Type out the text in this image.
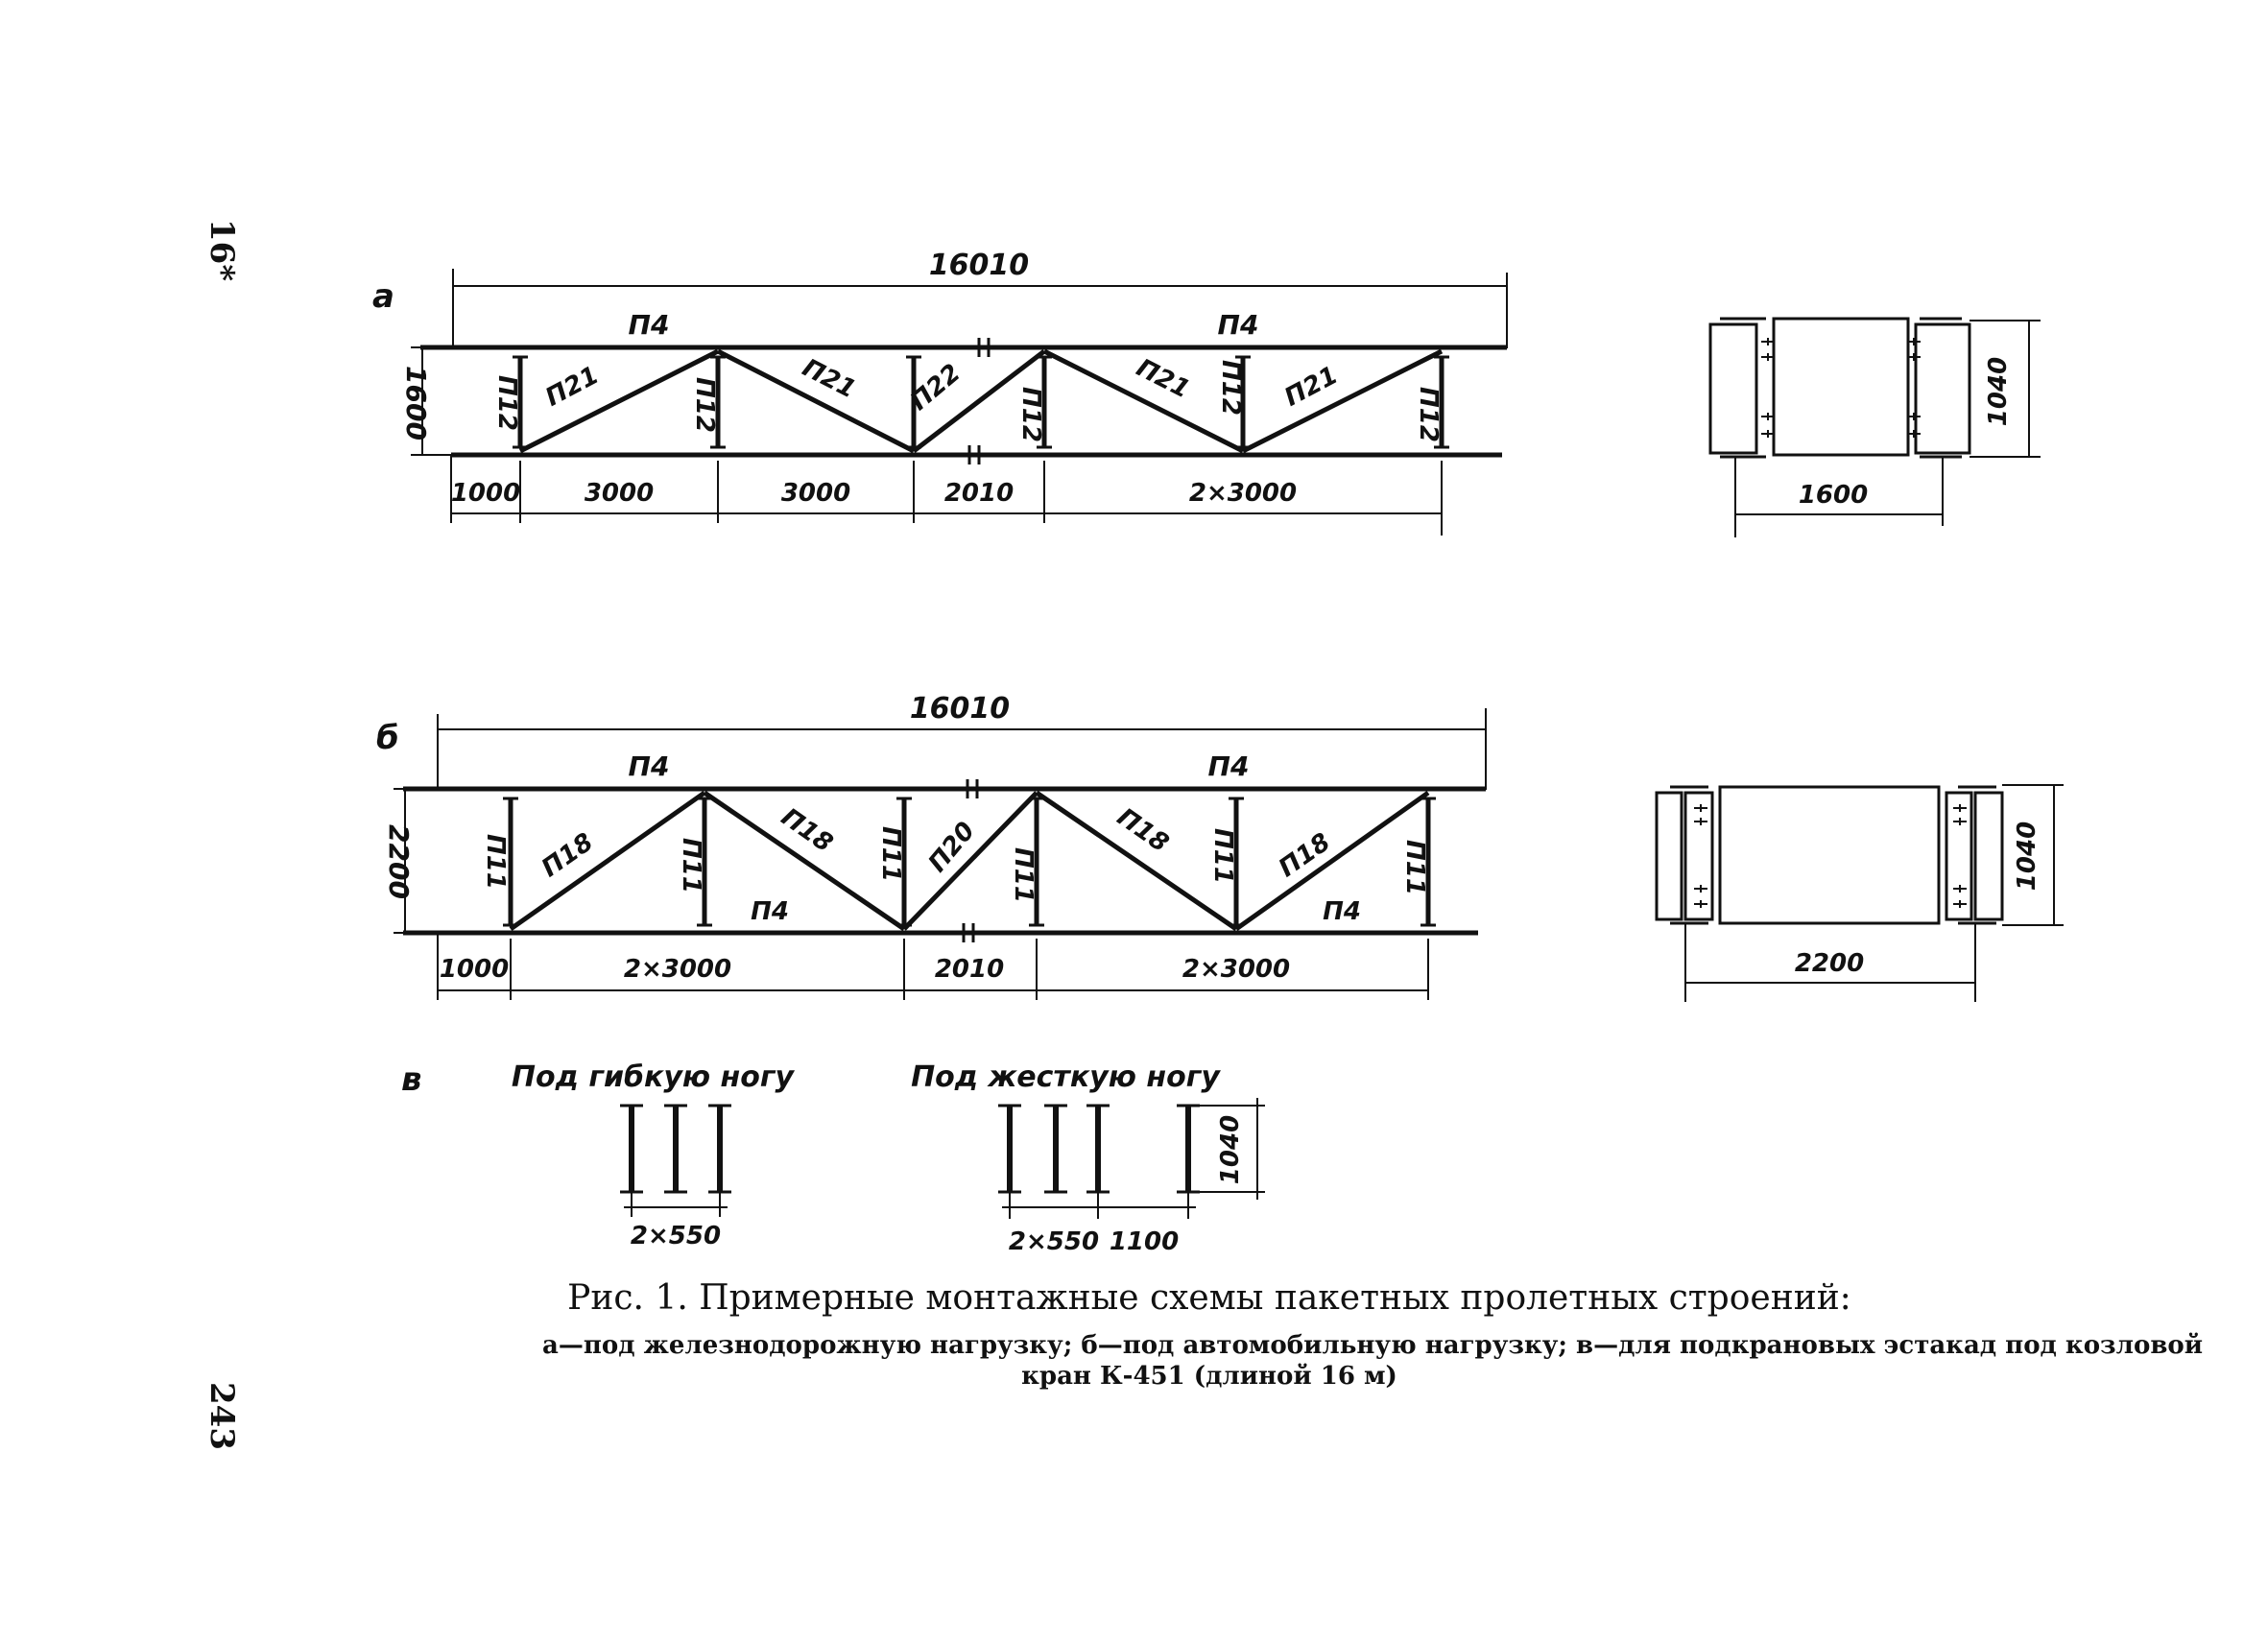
16*
243
а
16010
П4	П4
1600 П12	П12	П22 П12	П12	П12
П21	П21	П21	П21
1000	3000	3000	2010	2×3000
1040
1600
б
16010
П4	П4
2200	П11	П11	П11	П11	П11	П11
П18	П18	П20	П18	П18
П4	П4
1000	2×3000	2010	2×3000
1040
2200
в	Под гибкую ногу
2×550
Под жесткую ногу
2×550 1100
1040
Рис. 1. Примерные монтажные схемы пакетных пролетных строений:
а—под железнодорожную нагрузку; б—под автомобильную нагрузку; в—для подкрановых эстакад под козловой
кран К-451 (длиной 16 м)
